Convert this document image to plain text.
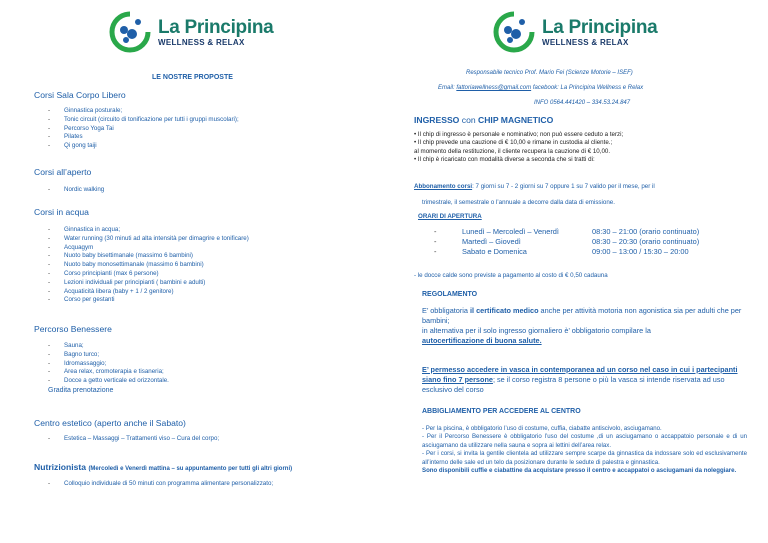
La Principina
WELLNESS & RELAX
LE NOSTRE PROPOSTE
Corsi Sala Corpo Libero
- Ginnastica posturale;
- Tonic circuit (circuito di tonificazione per tutti i gruppi muscolari);
- Percorso Yoga Tai
- Pilates
- Qi gong taiji
Corsi all’aperto
- Nordic walking
Corsi in acqua
- Ginnastica in acqua;
- Water running (30 minuti ad alta intensità per dimagrire e tonificare)
- Acquagym
- Nuoto baby bisettimanale (massimo 6 bambini)
- Nuoto baby monosettimanale (massimo 6 bambini)
- Corso principianti (max 6 persone)
- Lezioni individuali per principianti ( bambini e adulti)
- Acquaticità libera (baby + 1 / 2 genitore)
- Corso per gestanti
Percorso Benessere
- Sauna;
- Bagno turco;
- Idromassaggio;
- Area relax, cromoterapia e tisaneria;
- Docce a getto verticale ed orizzontale.
Gradita prenotazione
Centro estetico (aperto anche il Sabato)
- Estetica – Massaggi – Trattamenti viso – Cura del corpo;
Nutrizionista (Mercoledì e Venerdì mattina – su appuntamento per tutti gli altri giorni)
- Colloquio individuale di 50 minuti con programma alimentare personalizzato;
La Principina
WELLNESS & RELAX
Responsabile tecnico Prof. Mario Fei (Scienze Motorie – ISEF)
Email: fattoriawellness@gmail.com facebook: La Principina Wellness e Relax
INFO 0564.441420 – 334.53.24.847
INGRESSO con CHIP MAGNETICO
• Il chip di ingresso è personale e nominativo; non può essere ceduto a terzi;
• Il chip prevede una cauzione di € 10,00 e rimane in custodia al cliente.;
al momento della restituzione, il cliente recupera la cauzione di € 10,00.
• Il chip è ricaricato con modalità diverse a seconda che si tratti di:
Abbonamento corsi: 7 giorni su 7 - 2 giorni su 7 oppure 1 su 7 valido per il mese, per il
trimestrale, il semestrale o l’annuale a decorre dalla data di emissione.
ORARI DI APERTURA
-	Lunedì – Mercoledì – Venerdì	08:30 – 21:00 (orario continuato)
-	Martedì – Giovedì	08:30 – 20:30 (orario continuato)
-	Sabato e Domenica	09:00 – 13:00 / 15:30 – 20:00
- le docce calde sono previste a pagamento al costo di € 0,50 cadauna
REGOLAMENTO
E’ obbligatoria il certificato medico anche per attività motoria non agonistica sia per adulti che per bambini;
in alternativa per il solo ingresso giornaliero è’ obbligatorio compilare la
autocertificazione di buona salute.
E’ permesso accedere in vasca in contemporanea ad un corso nel caso in cui i partecipanti siano fino 7 persone; se il corso registra 8 persone o più la vasca si intende riservata ad uso esclusivo del corso
ABBIGLIAMENTO PER ACCEDERE AL CENTRO
- Per la piscina, è obbligatorio l’uso di costume, cuffia, ciabatte antiscivolo, asciugamano.
- Per il Percorso Benessere è obbligatorio l’uso del costume ,di un asciugamano o accappatoio personale e di un asciugamano da utilizzare nella sauna e sopra ai lettini dell’area relax.
- Per i corsi, si invita la gentile clientela ad utilizzare sempre scarpe da ginnastica da indossare solo ed esclusivamente all’interno delle sale ed un telo da posizionare durante le sedute di palestra e ginnastica.
Sono disponibili cuffie e ciabattine da acquistare presso il centro e accappatoi o asciugamani da noleggiare.
